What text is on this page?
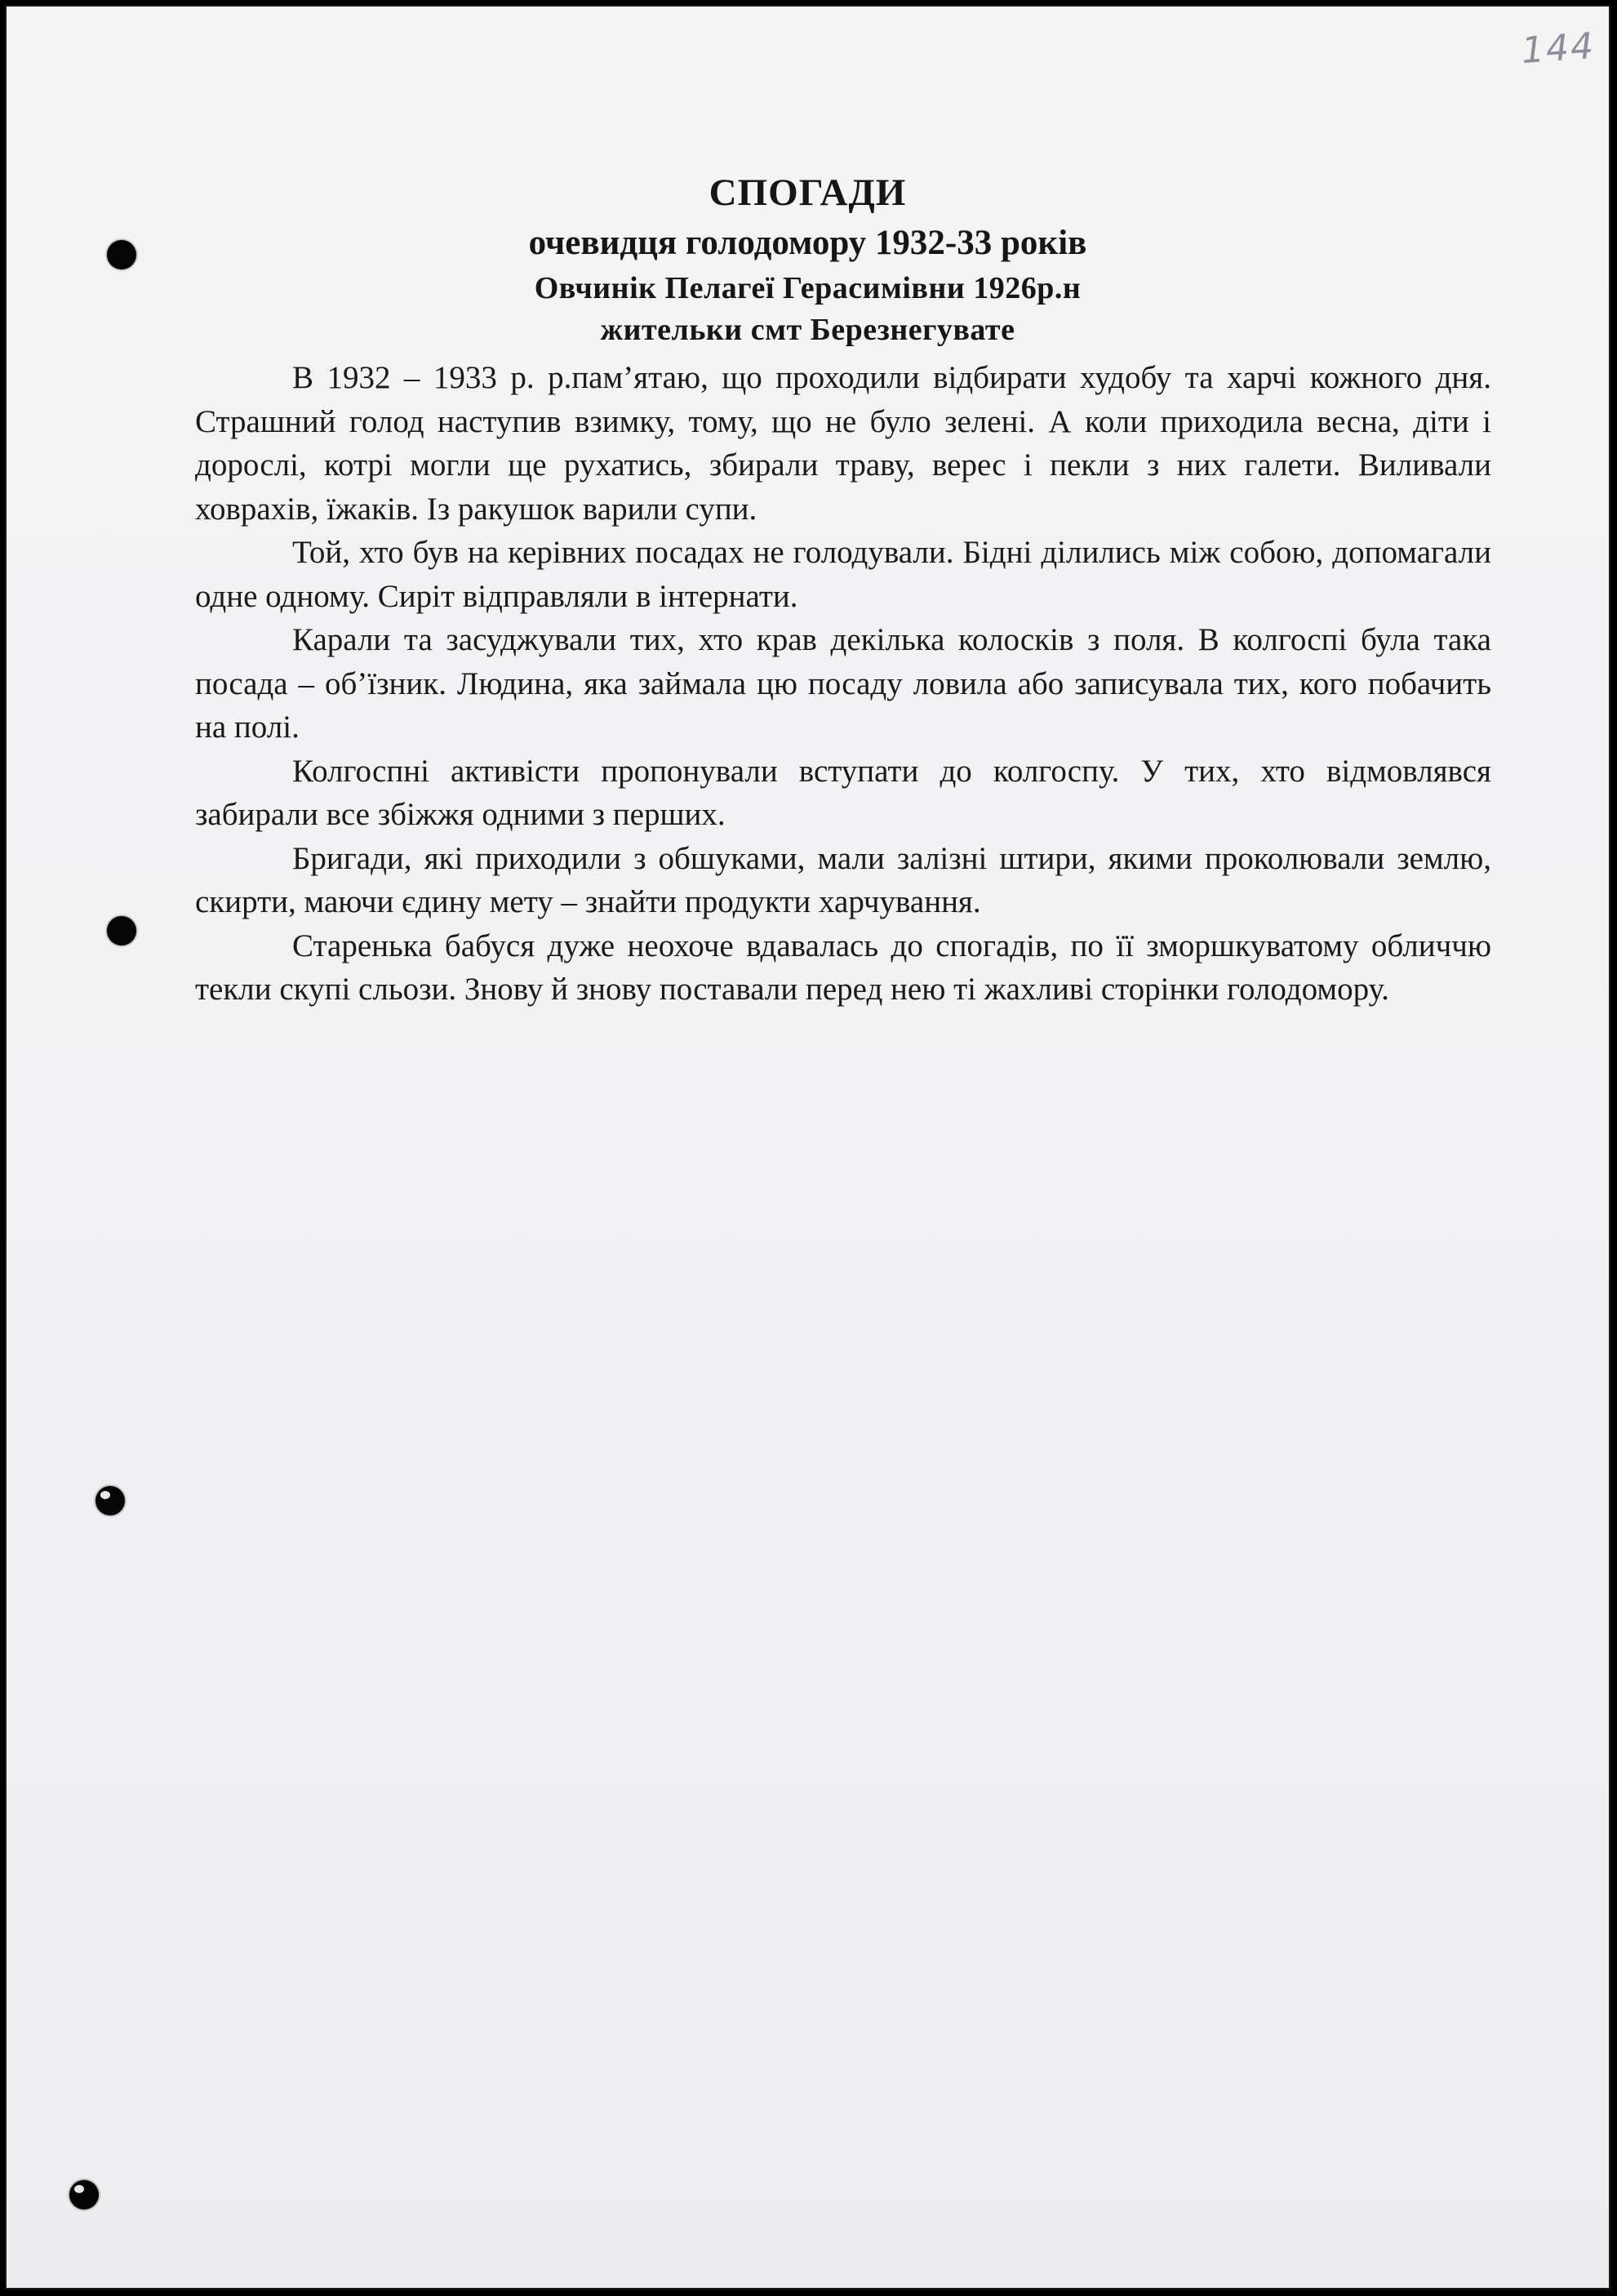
144
СПОГАДИ
очевидця голодомору 1932-33 років
Овчинік Пелагеї Герасимівни 1926р.н
жительки смт Березнегувате

В 1932 – 1933 р. р.пам’ятаю, що проходили відбирати худобу та харчі кожного дня. Страшний голод наступив взимку, тому, що не було зелені. А коли приходила весна, діти і дорослі, котрі могли ще рухатись, збирали траву, верес і пекли з них галети. Виливали ховрахів, їжаків. Із ракушок варили супи.

Той, хто був на керівних посадах не голодували. Бідні ділились між собою, допомагали одне одному. Сиріт відправляли в інтернати.

Карали та засуджували тих, хто крав декілька колосків з поля. В колгоспі була така посада – об’їзник. Людина, яка займала цю посаду ловила або записувала тих, кого побачить на полі.

Колгоспні активісти пропонували вступати до колгоспу. У тих, хто відмовлявся забирали все збіжжя одними з перших.

Бригади, які приходили з обшуками, мали залізні штири, якими проколювали землю, скирти, маючи єдину мету – знайти продукти харчування.

Старенька бабуся дуже неохоче вдавалась до спогадів, по її зморшкуватому обличчю текли скупі сльози. Знову й знову поставали перед нею ті жахливі сторінки голодомору.
